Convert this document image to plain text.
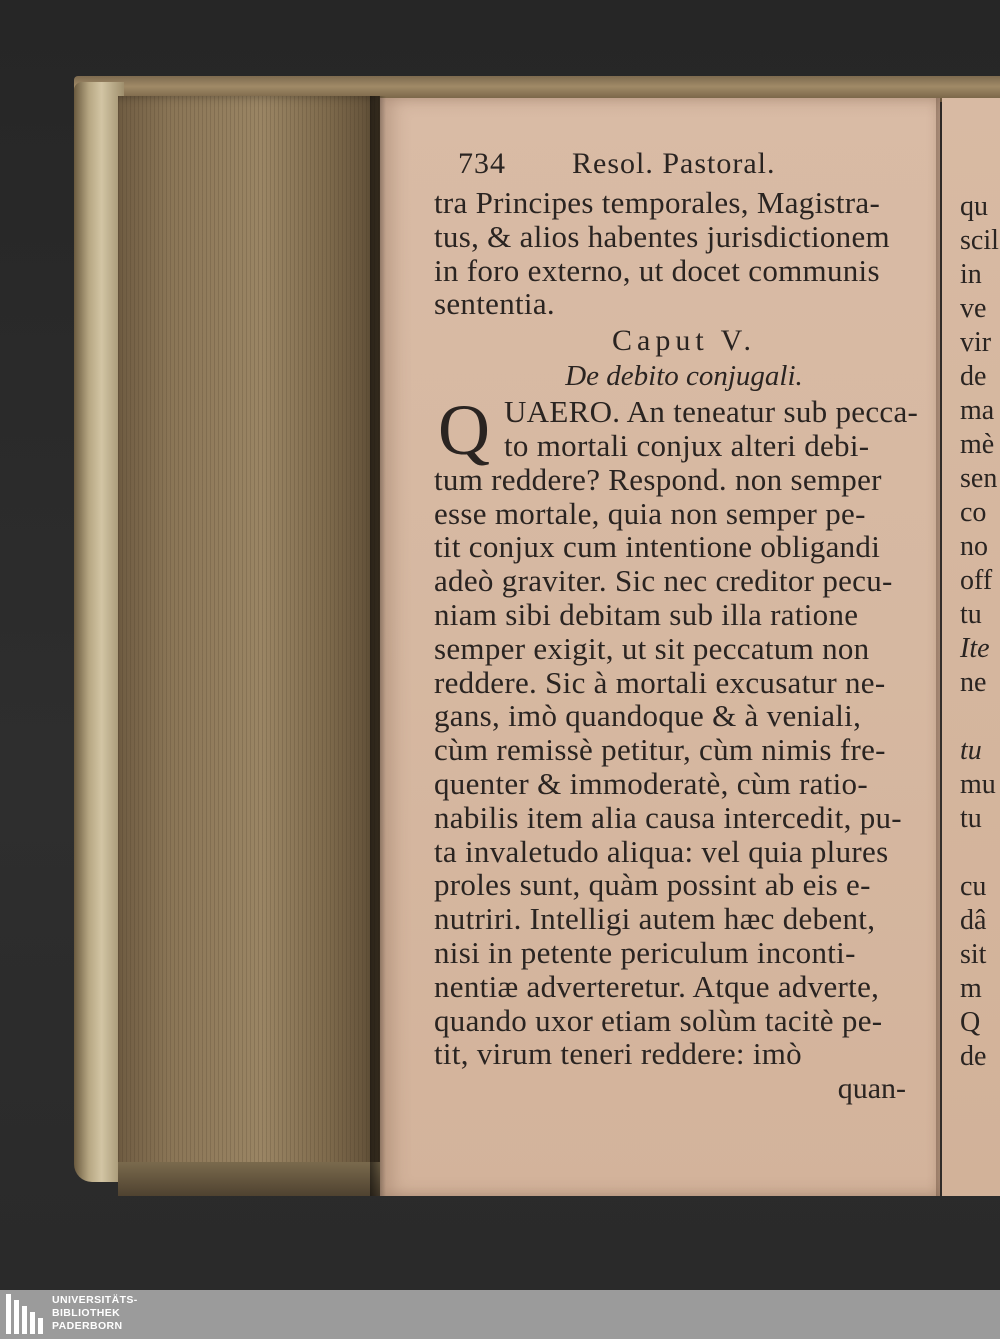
734 Resol. Pastoral.
tra Principes temporales, Magistra-
tus, & alios habentes jurisdictionem
in foro externo, ut docet communis
sententia.
Caput V.
De debito conjugali.
Q UAERO. An teneatur sub pecca-
to mortali conjux alteri debi-
tum reddere? Respond. non semper
esse mortale, quia non semper pe-
tit conjux cum intentione obligandi
adeò graviter. Sic nec creditor pecu-
niam sibi debitam sub illa ratione
semper exigit, ut sit peccatum non
reddere. Sic à mortali excusatur ne-
gans, imò quandoque & à veniali,
cùm remissè petitur, cùm nimis fre-
quenter & immoderatè, cùm ratio-
nabilis item alia causa intercedit, pu-
ta invaletudo aliqua: vel quia plures
proles sunt, quàm possint ab eis e-
nutriri. Intelligi autem hæc debent,
nisi in petente periculum inconti-
nentiæ adverteretur. Atque adverte,
quando uxor etiam solùm tacitè pe-
tit, virum teneri reddere: imò
quan-
qu
scil
in
ve
vir
de
ma
mè
sen
co
no
off
tu
Ite
ne
tu
mu
tu
cu
dâ
sit
m
Q
de
UNIVERSITÄTS-
BIBLIOTHEK
PADERBORN
